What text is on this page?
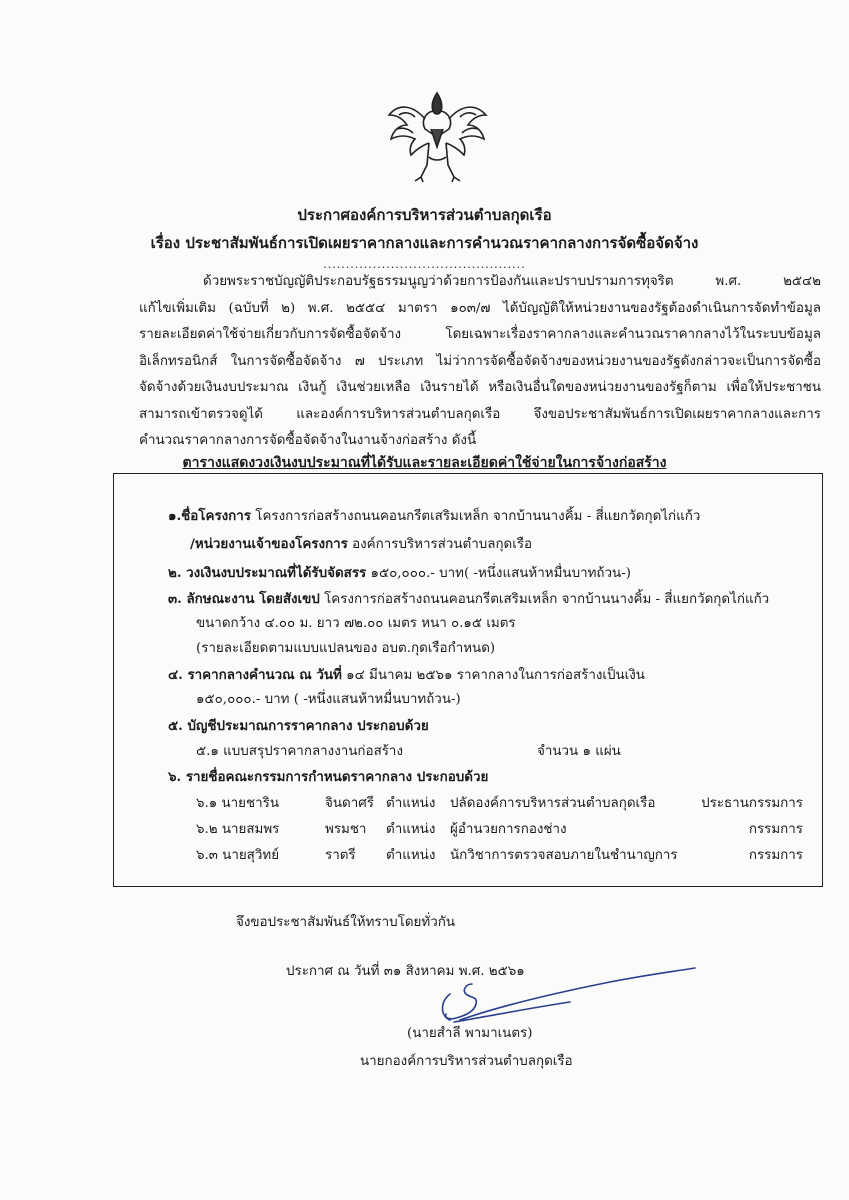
ประกาศองค์การบริหารส่วนตำบลกุดเรือ
เรื่อง ประชาสัมพันธ์การเปิดเผยราคากลางและการคำนวณราคากลางการจัดซื้อจัดจ้าง
.............................................
ด้วยพระราชบัญญัติประกอบรัฐธรรมนูญว่าด้วยการป้องกันและปราบปรามการทุจริต พ.ศ. ๒๕๔๒
แก้ไขเพิ่มเติม (ฉบับที่ ๒) พ.ศ. ๒๕๕๔ มาตรา ๑๐๓/๗ ได้บัญญัติให้หน่วยงานของรัฐต้องดำเนินการจัดทำข้อมูล
รายละเอียดค่าใช้จ่ายเกี่ยวกับการจัดซื้อจัดจ้าง โดยเฉพาะเรื่องราคากลางและคำนวณราคากลางไว้ในระบบข้อมูล
อิเล็กทรอนิกส์ ในการจัดซื้อจัดจ้าง ๗ ประเภท ไม่ว่าการจัดซื้อจัดจ้างของหน่วยงานของรัฐดังกล่าวจะเป็นการจัดซื้อ
จัดจ้างด้วยเงินงบประมาณ เงินกู้ เงินช่วยเหลือ เงินรายได้ หรือเงินอื่นใดของหน่วยงานของรัฐก็ตาม เพื่อให้ประชาชน
สามารถเข้าตรวจดูได้ และองค์การบริหารส่วนตำบลกุดเรือ จึงขอประชาสัมพันธ์การเปิดเผยราคากลางและการ
คำนวณราคากลางการจัดซื้อจัดจ้างในงานจ้างก่อสร้าง ดังนี้
ตารางแสดงวงเงินงบประมาณที่ได้รับและรายละเอียดค่าใช้จ่ายในการจ้างก่อสร้าง
๑.ชื่อโครงการ โครงการก่อสร้างถนนคอนกรีตเสริมเหล็ก จากบ้านนางคิ้ม - สี่แยกวัดกุดไก่แก้ว
/หน่วยงานเจ้าของโครงการ องค์การบริหารส่วนตำบลกุดเรือ
๒. วงเงินงบประมาณที่ได้รับจัดสรร ๑๕๐,๐๐๐.- บาท( -หนึ่งแสนห้าหมื่นบาทถ้วน-)
๓. ลักษณะงาน โดยสังเขป โครงการก่อสร้างถนนคอนกรีตเสริมเหล็ก จากบ้านนางคิ้ม - สี่แยกวัดกุดไก่แก้ว
ขนาดกว้าง ๔.๐๐ ม. ยาว ๗๒.๐๐ เมตร หนา ๐.๑๕ เมตร
(รายละเอียดตามแบบแปลนของ อบต.กุดเรือกำหนด)
๔. ราคากลางคำนวณ ณ วันที่ ๑๔ มีนาคม ๒๕๖๑ ราคากลางในการก่อสร้างเป็นเงิน
๑๕๐,๐๐๐.- บาท ( -หนึ่งแสนห้าหมื่นบาทถ้วน-)
๕. บัญชีประมาณการราคากลาง ประกอบด้วย
๕.๑ แบบสรุปราคากลางงานก่อสร้าง	จำนวน ๑ แผ่น
๖. รายชื่อคณะกรรมการกำหนดราคากลาง ประกอบด้วย
๖.๑ นายชาริน	จินดาศรี ตำแหน่ง ปลัดองค์การบริหารส่วนตำบลกุดเรือ	ประธานกรรมการ
๖.๒ นายสมพร	พรมชา ตำแหน่ง ผู้อำนวยการกองช่าง	กรรมการ
๖.๓ นายสุวิทย์	ราตรี ตำแหน่ง นักวิชาการตรวจสอบภายในชำนาญการ	กรรมการ
จึงขอประชาสัมพันธ์ให้ทราบโดยทั่วกัน
ประกาศ ณ วันที่ ๓๑ สิงหาคม พ.ศ. ๒๕๖๑
(นายสำลี พามาเนตร)
นายกองค์การบริหารส่วนตำบลกุดเรือ
